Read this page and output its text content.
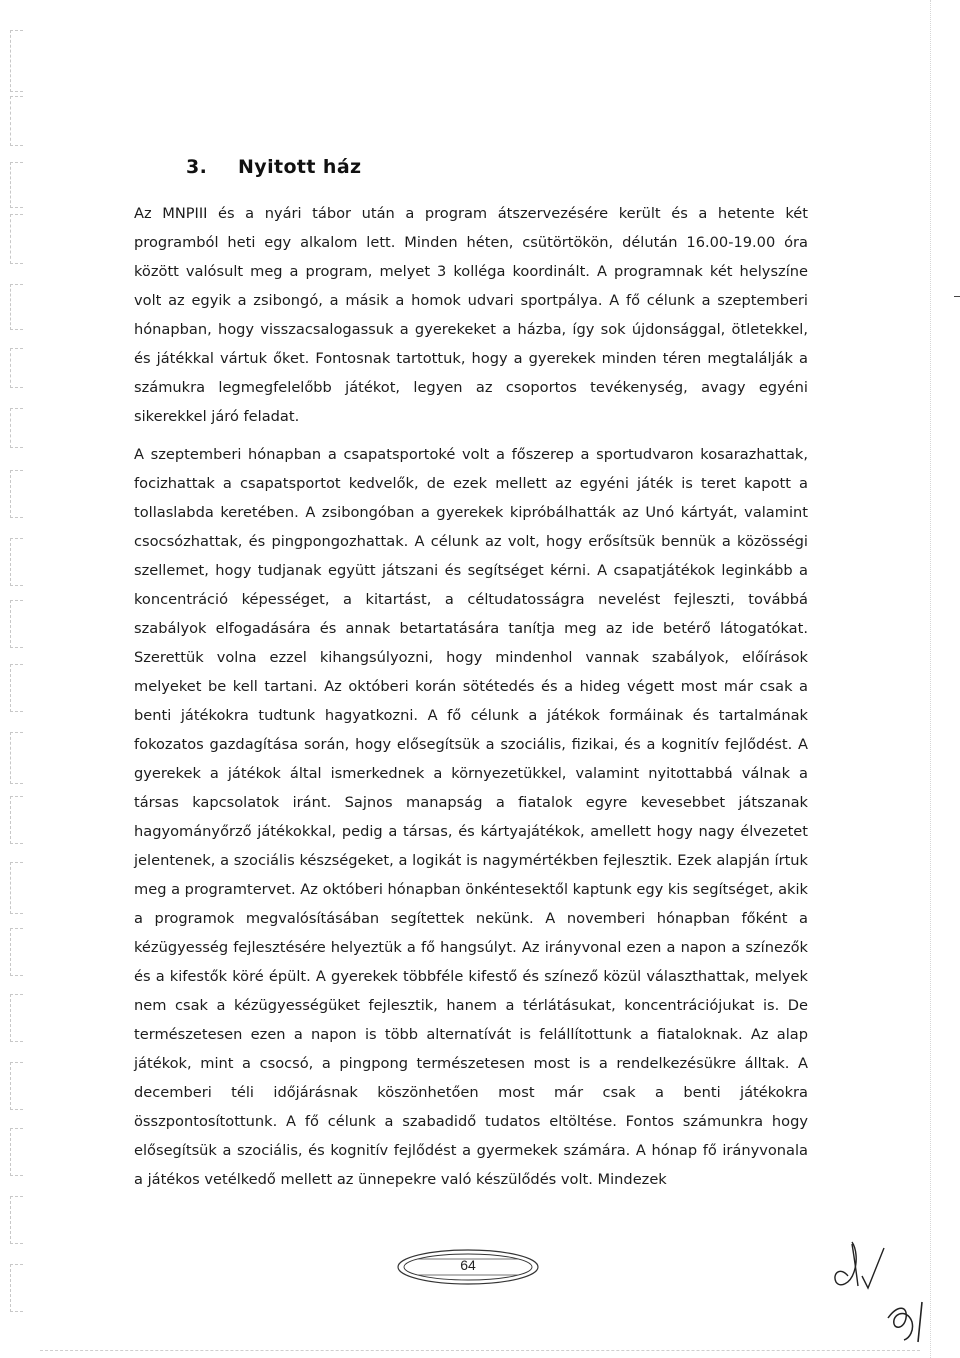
3. Nyitott ház

Az MNPIII és a nyári tábor után a program átszervezésére került és a hetente két programból heti egy alkalom lett. Minden héten, csütörtökön, délután 16.00-19.00 óra között valósult meg a program, melyet 3 kolléga koordinált. A programnak két helyszíne volt az egyik a zsibongó, a másik a homok udvari sportpálya. A fő célunk a szeptemberi hónapban, hogy visszacsalogassuk a gyerekeket a házba, így sok újdonsággal, ötletekkel, és játékkal vártuk őket. Fontosnak tartottuk, hogy a gyerekek minden téren megtalálják a számukra legmegfelelőbb játékot, legyen az csoportos tevékenység, avagy egyéni sikerekkel járó feladat.

A szeptemberi hónapban a csapatsportoké volt a főszerep a sportudvaron kosarazhattak, focizhattak a csapatsportot kedvelők, de ezek mellett az egyéni játék is teret kapott a tollaslabda keretében. A zsibongóban a gyerekek kipróbálhatták az Unó kártyát, valamint csocsózhattak, és pingpongozhattak. A célunk az volt, hogy erősítsük bennük a közösségi szellemet, hogy tudjanak együtt játszani és segítséget kérni. A csapatjátékok leginkább a koncentráció képességet, a kitartást, a céltudatosságra nevelést fejleszti, továbbá szabályok elfogadására és annak betartatására tanítja meg az ide betérő látogatókat. Szerettük volna ezzel kihangsúlyozni, hogy mindenhol vannak szabályok, előírások melyeket be kell tartani. Az októberi korán sötétedés és a hideg végett most már csak a benti játékokra tudtunk hagyatkozni. A fő célunk a játékok formáinak és tartalmának fokozatos gazdagítása során, hogy elősegítsük a szociális, fizikai, és a kognitív fejlődést. A gyerekek a játékok által ismerkednek a környezetükkel, valamint nyitottabbá válnak a társas kapcsolatok iránt. Sajnos manapság a fiatalok egyre kevesebbet játszanak hagyományőrző játékokkal, pedig a társas, és kártyajátékok, amellett hogy nagy élvezetet jelentenek, a szociális készségeket, a logikát is nagymértékben fejlesztik. Ezek alapján írtuk meg a programtervet. Az októberi hónapban önkéntesektől kaptunk egy kis segítséget, akik a programok megvalósításában segítettek nekünk. A novemberi hónapban főként a kézügyesség fejlesztésére helyeztük a fő hangsúlyt. Az irányvonal ezen a napon a színezők és a kifestők köré épült. A gyerekek többféle kifestő és színező közül választhattak, melyek nem csak a kézügyességüket fejlesztik, hanem a térlátásukat, koncentrációjukat is. De természetesen ezen a napon is több alternatívát is felállítottunk a fiataloknak. Az alap játékok, mint a csocsó, a pingpong természetesen most is a rendelkezésükre álltak. A decemberi téli időjárásnak köszönhetően most már csak a benti játékokra összpontosítottunk. A fő célunk a szabadidő tudatos eltöltése. Fontos számunkra hogy elősegítsük a szociális, és kognitív fejlődést a gyermekek számára. A hónap fő irányvonala a játékos vetélkedő mellett az ünnepekre való készülődés volt. Mindezek

64
